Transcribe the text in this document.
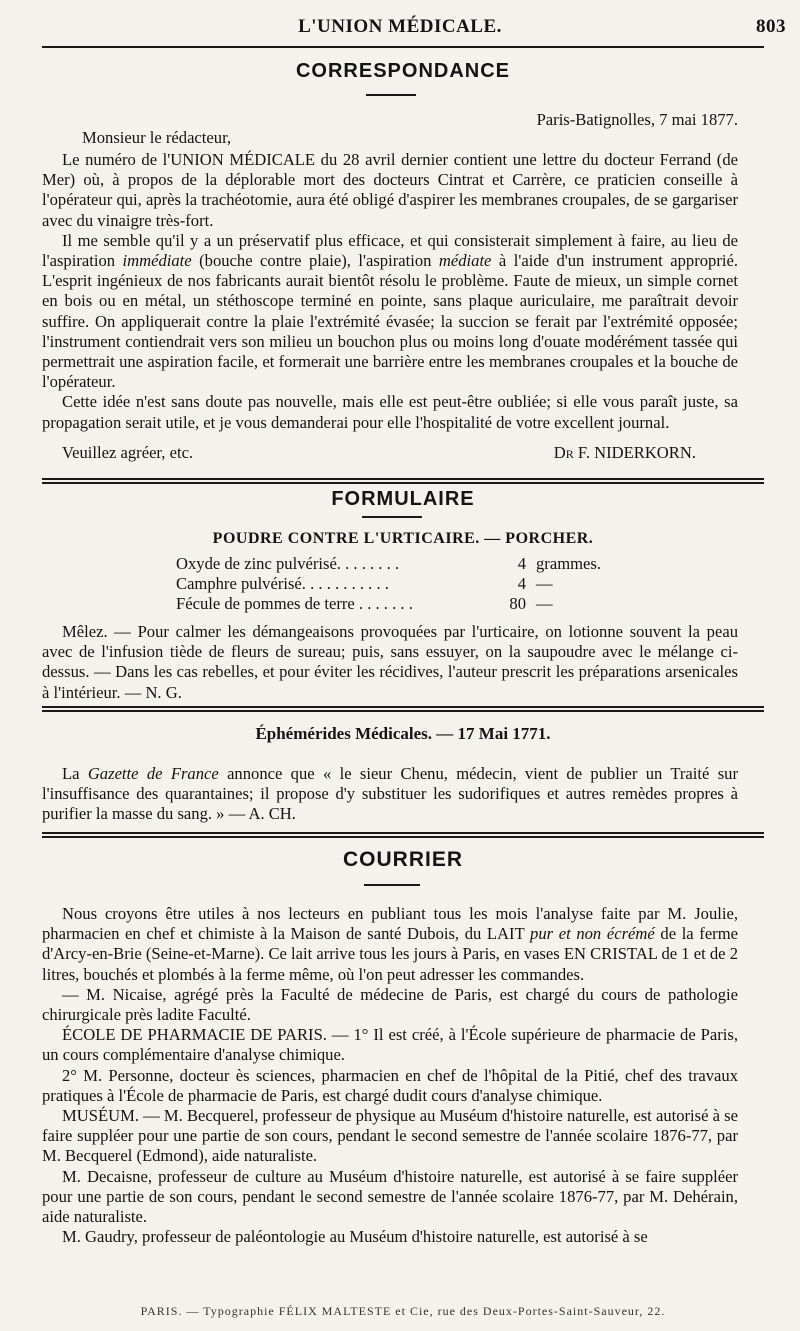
L'UNION MÉDICALE.	803
CORRESPONDANCE
Paris-Batignolles, 7 mai 1877.
Monsieur le rédacteur,

Le numéro de l'UNION MÉDICALE du 28 avril dernier contient une lettre du docteur Ferrand (de Mer) où, à propos de la déplorable mort des docteurs Cintrat et Carrère, ce praticien conseille à l'opérateur qui, après la trachéotomie, aura été obligé d'aspirer les membranes croupales, de se gargariser avec du vinaigre très-fort.

Il me semble qu'il y a un préservatif plus efficace, et qui consisterait simplement à faire, au lieu de l'aspiration immédiate (bouche contre plaie), l'aspiration médiate à l'aide d'un instrument approprié. L'esprit ingénieux de nos fabricants aurait bientôt résolu le problème. Faute de mieux, un simple cornet en bois ou en métal, un stéthoscope terminé en pointe, sans plaque auriculaire, me paraîtrait devoir suffire. On appliquerait contre la plaie l'extrémité évasée; la succion se ferait par l'extrémité opposée; l'instrument contiendrait vers son milieu un bouchon plus ou moins long d'ouate modérément tassée qui permettrait une aspiration facile, et formerait une barrière entre les membranes croupales et la bouche de l'opérateur.

Cette idée n'est sans doute pas nouvelle, mais elle est peut-être oubliée; si elle vous paraît juste, sa propagation serait utile, et je vous demanderai pour elle l'hospitalité de votre excellent journal.

Veuillez agréer, etc.	Dr F. NIDERKORN.
FORMULAIRE
POUDRE CONTRE L'URTICAIRE. — PORCHER.
Oxyde de zinc pulvérisé. . . . . . . .	4 grammes.
Camphre pulvérisé. . . . . . . . . . .	4 —
Fécule de pommes de terre . . . . . . .	80 —

Mêlez. — Pour calmer les démangeaisons provoquées par l'urticaire, on lotionne souvent la peau avec de l'infusion tiède de fleurs de sureau; puis, sans essuyer, on la saupoudre avec le mélange ci-dessus. — Dans les cas rebelles, et pour éviter les récidives, l'auteur prescrit les préparations arsenicales à l'intérieur. — N. G.

Éphémérides Médicales. — 17 Mai 1771.

La Gazette de France annonce que « le sieur Chenu, médecin, vient de publier un Traité sur l'insuffisance des quarantaines; il propose d'y substituer les sudorifiques et autres remèdes propres à purifier la masse du sang. » — A. CH.

COURRIER

Nous croyons être utiles à nos lecteurs en publiant tous les mois l'analyse faite par M. Joulie, pharmacien en chef et chimiste à la Maison de santé Dubois, du LAIT pur et non écrémé de la ferme d'Arcy-en-Brie (Seine-et-Marne). Ce lait arrive tous les jours à Paris, en vases EN CRISTAL de 1 et de 2 litres, bouchés et plombés à la ferme même, où l'on peut adresser les commandes.

— M. Nicaise, agrégé près la Faculté de médecine de Paris, est chargé du cours de pathologie chirurgicale près ladite Faculté.

ÉCOLE DE PHARMACIE DE PARIS. — 1° Il est créé, à l'École supérieure de pharmacie de Paris, un cours complémentaire d'analyse chimique.

2° M. Personne, docteur ès sciences, pharmacien en chef de l'hôpital de la Pitié, chef des travaux pratiques à l'École de pharmacie de Paris, est chargé dudit cours d'analyse chimique.

MUSÉUM. — M. Becquerel, professeur de physique au Muséum d'histoire naturelle, est autorisé à se faire suppléer pour une partie de son cours, pendant le second semestre de l'année scolaire 1876-77, par M. Becquerel (Edmond), aide naturaliste.

M. Decaisne, professeur de culture au Muséum d'histoire naturelle, est autorisé à se faire suppléer pour une partie de son cours, pendant le second semestre de l'année scolaire 1876-77, par M. Dehérain, aide naturaliste.

M. Gaudry, professeur de paléontologie au Muséum d'histoire naturelle, est autorisé à se

PARIS. — Typographie FÉLIX MALTESTE et Cie, rue des Deux-Portes-Saint-Sauveur, 22.
